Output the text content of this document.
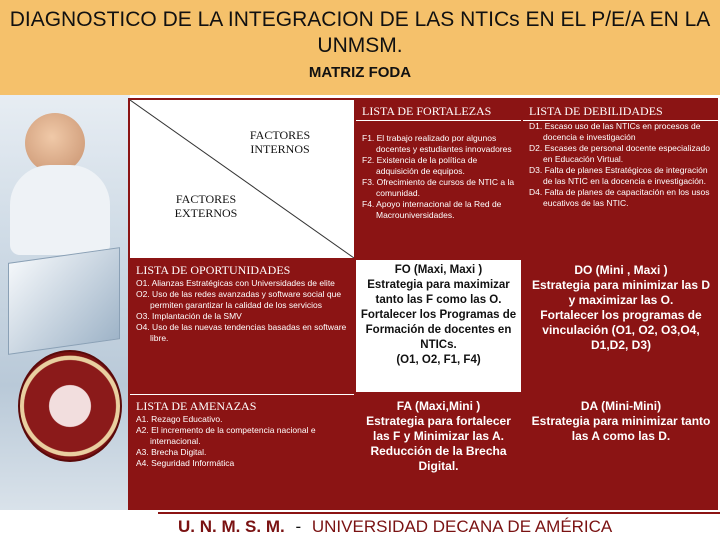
DIAGNOSTICO DE LA INTEGRACION DE LAS NTICs EN EL P/E/A EN LA UNMSM.
MATRIZ FODA
FACTORES INTERNOS
FACTORES EXTERNOS
LISTA DE FORTALEZAS

F1. El trabajo realizado por algunos docentes y estudiantes innovadores

F2. Existencia de la política de adquisición de equipos.

F3. Ofrecimiento de cursos de NTIC a la comunidad.

F4. Apoyo internacional de la Red de Macrouniversidades.

LISTA DE DEBILIDADES

D1. Escaso uso de las NTICs en procesos de docencia e investigación

D2. Escases de personal docente especializado en Educación Virtual.

D3. Falta de planes Estratégicos de integración de las NTIC en la docencia e investigación.

D4. Falta de planes de capacitación en los usos eucativos de las NTIC.

LISTA DE OPORTUNIDADES

O1. Alianzas Estratégicas con Universidades de elite

O2. Uso de las redes avanzadas y software social que permiten garantizar la calidad de los servicios

O3. Implantación de la SMV

O4. Uso de las nuevas tendencias basadas en software libre.

FO (Maxi, Maxi )
Estrategia para maximizar tanto las F como las O.
Fortalecer los Programas de Formación de docentes en NTICs.
(O1, O2, F1, F4)
DO (Mini , Maxi )
Estrategia para minimizar las D y maximizar las O.
Fortalecer los programas de vinculación (O1, O2, O3,O4, D1,D2, D3)
LISTA DE AMENAZAS

A1. Rezago Educativo.

A2. El incremento de la competencia nacional e internacional.

A3. Brecha Digital.

A4. Seguridad Informática

FA (Maxi,Mini )
Estrategia para fortalecer las F y Minimizar las A.
Reducción de la Brecha Digital.
DA (Mini-Mini)
Estrategia para minimizar tanto las A como las D.
U. N. M. S. M. - UNIVERSIDAD DECANA DE AMÉRICA
